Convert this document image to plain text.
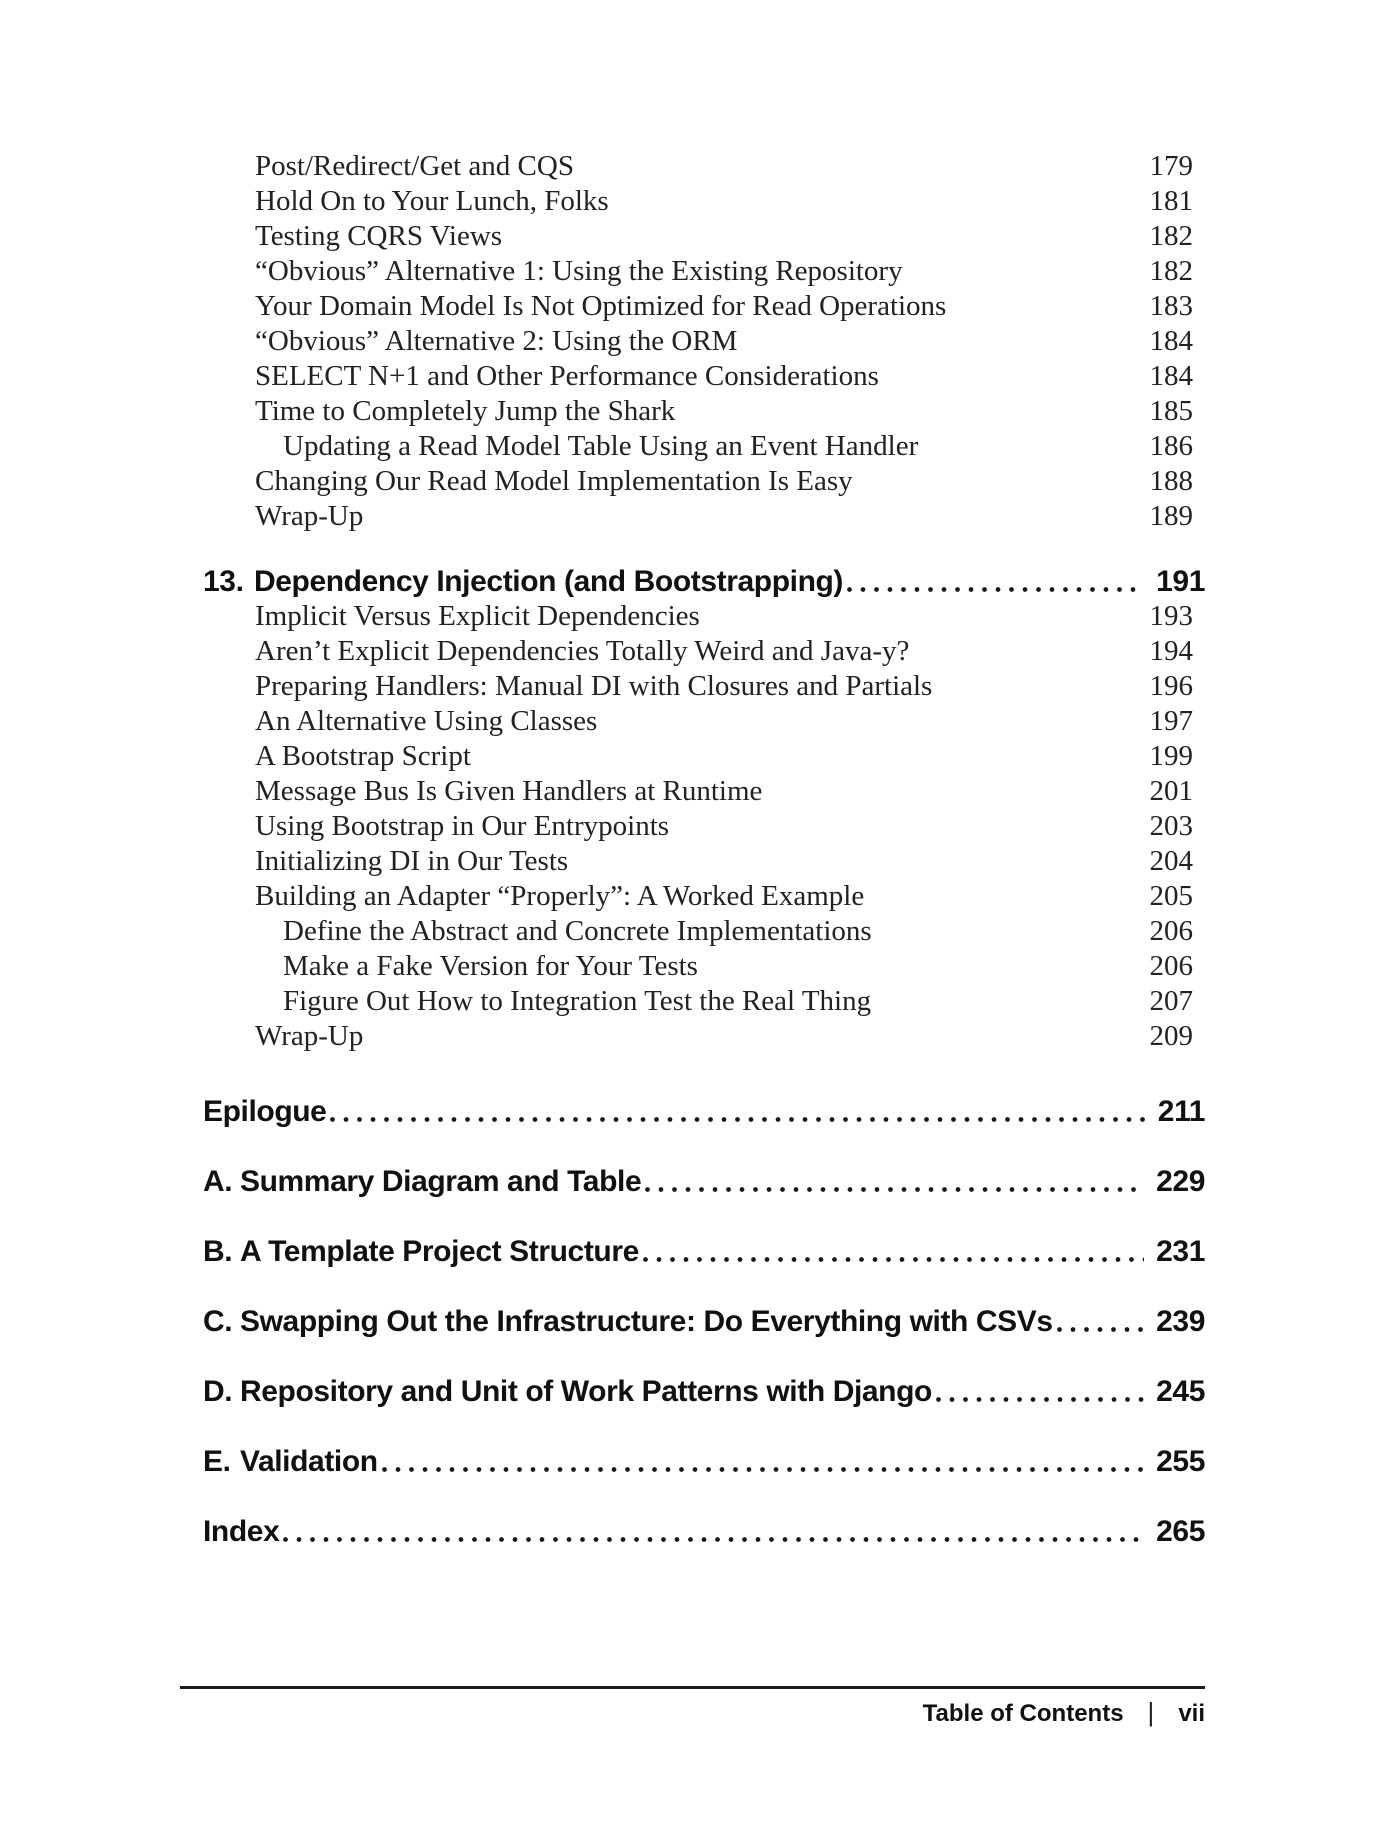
Post/Redirect/Get and CQS	179
Hold On to Your Lunch, Folks	181
Testing CQRS Views	182
“Obvious” Alternative 1: Using the Existing Repository	182
Your Domain Model Is Not Optimized for Read Operations	183
“Obvious” Alternative 2: Using the ORM	184
SELECT N+1 and Other Performance Considerations	184
Time to Completely Jump the Shark	185
Updating a Read Model Table Using an Event Handler	186
Changing Our Read Model Implementation Is Easy	188
Wrap-Up	189
13. Dependency Injection (and Bootstrapping)	191
Implicit Versus Explicit Dependencies	193
Aren’t Explicit Dependencies Totally Weird and Java-y?	194
Preparing Handlers: Manual DI with Closures and Partials	196
An Alternative Using Classes	197
A Bootstrap Script	199
Message Bus Is Given Handlers at Runtime	201
Using Bootstrap in Our Entrypoints	203
Initializing DI in Our Tests	204
Building an Adapter “Properly”: A Worked Example	205
Define the Abstract and Concrete Implementations	206
Make a Fake Version for Your Tests	206
Figure Out How to Integration Test the Real Thing	207
Wrap-Up	209
Epilogue	211
A. Summary Diagram and Table	229
B. A Template Project Structure	231
C. Swapping Out the Infrastructure: Do Everything with CSVs	239
D. Repository and Unit of Work Patterns with Django	245
E. Validation	255
Index	265
Table of Contents | vii
